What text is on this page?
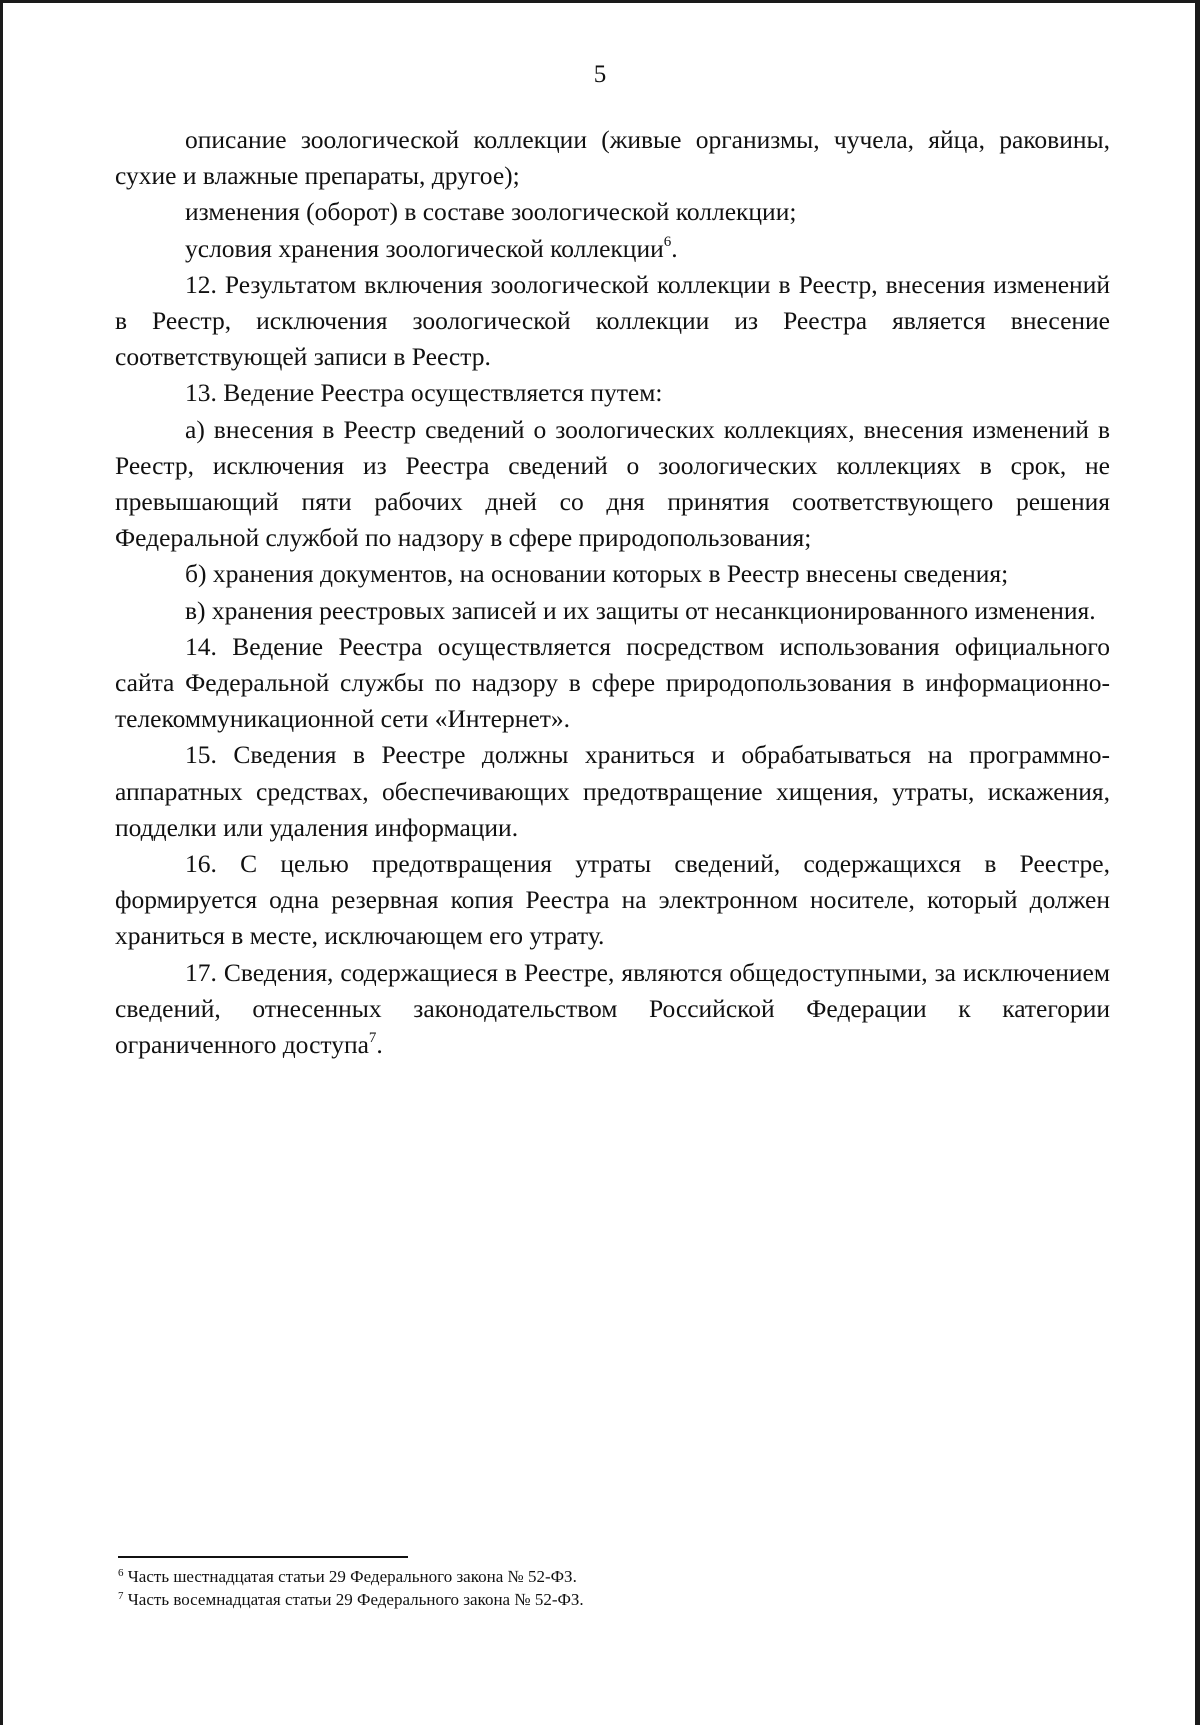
5

описание зоологической коллекции (живые организмы, чучела, яйца, раковины, сухие и влажные препараты, другое);

изменения (оборот) в составе зоологической коллекции;

условия хранения зоологической коллекции$^6$.

12. Результатом включения зоологической коллекции в Реестр, внесения изменений в Реестр, исключения зоологической коллекции из Реестра является внесение соответствующей записи в Реестр.

13. Ведение Реестра осуществляется путем:

а) внесения в Реестр сведений о зоологических коллекциях, внесения изменений в Реестр, исключения из Реестра сведений о зоологических коллекциях в срок, не превышающий пяти рабочих дней со дня принятия соответствующего решения Федеральной службой по надзору в сфере природопользования;

б) хранения документов, на основании которых в Реестр внесены сведения;

в) хранения реестровых записей и их защиты от несанкционированного изменения.

14. Ведение Реестра осуществляется посредством использования официального сайта Федеральной службы по надзору в сфере природопользования в информационно-телекоммуникационной сети «Интернет».

15. Сведения в Реестре должны храниться и обрабатываться на программно-аппаратных средствах, обеспечивающих предотвращение хищения, утраты, искажения, подделки или удаления информации.

16. С целью предотвращения утраты сведений, содержащихся в Реестре, формируется одна резервная копия Реестра на электронном носителе, который должен храниться в месте, исключающем его утрату.

17. Сведения, содержащиеся в Реестре, являются общедоступными, за исключением сведений, отнесенных законодательством Российской Федерации к категории ограниченного доступа$^7$.

$^6$ Часть шестнадцатая статьи 29 Федерального закона № 52-ФЗ.

$^7$ Часть восемнадцатая статьи 29 Федерального закона № 52-ФЗ.
